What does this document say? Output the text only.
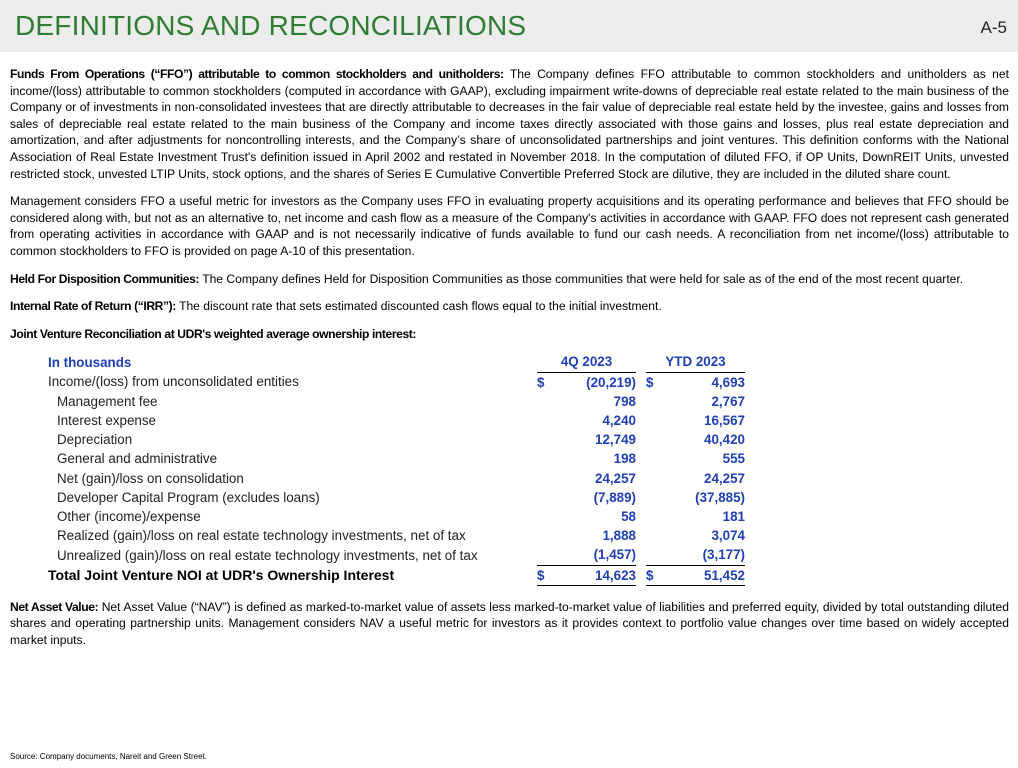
DEFINITIONS AND RECONCILIATIONS	A-5

Funds From Operations (“FFO”) attributable to common stockholders and unitholders: The Company defines FFO attributable to common stockholders and unitholders as net income/(loss) attributable to common stockholders (computed in accordance with GAAP), excluding impairment write-downs of depreciable real estate related to the main business of the Company or of investments in non-consolidated investees that are directly attributable to decreases in the fair value of depreciable real estate held by the investee, gains and losses from sales of depreciable real estate related to the main business of the Company and income taxes directly associated with those gains and losses, plus real estate depreciation and amortization, and after adjustments for noncontrolling interests, and the Company’s share of unconsolidated partnerships and joint ventures. This definition conforms with the National Association of Real Estate Investment Trust's definition issued in April 2002 and restated in November 2018. In the computation of diluted FFO, if OP Units, DownREIT Units, unvested restricted stock, unvested LTIP Units, stock options, and the shares of Series E Cumulative Convertible Preferred Stock are dilutive, they are included in the diluted share count.

Management considers FFO a useful metric for investors as the Company uses FFO in evaluating property acquisitions and its operating performance and believes that FFO should be considered along with, but not as an alternative to, net income and cash flow as a measure of the Company's activities in accordance with GAAP. FFO does not represent cash generated from operating activities in accordance with GAAP and is not necessarily indicative of funds available to fund our cash needs. A reconciliation from net income/(loss) attributable to common stockholders to FFO is provided on page A-10 of this presentation.

Held For Disposition Communities: The Company defines Held for Disposition Communities as those communities that were held for sale as of the end of the most recent quarter.

Internal Rate of Return (“IRR”): The discount rate that sets estimated discounted cash flows equal to the initial investment.

Joint Venture Reconciliation at UDR's weighted average ownership interest:
In thousands	4Q 2023			YTD 2023	
Income/(loss) from unconsolidated entities	$	(20,219)		$	4,693
Management fee		798			2,767
Interest expense		4,240			16,567
Depreciation		12,749			40,420
General and administrative		198			555
Net (gain)/loss on consolidation		24,257			24,257
Developer Capital Program (excludes loans)		(7,889)			(37,885)
Other (income)/expense		58			181
Realized (gain)/loss on real estate technology investments, net of tax		1,888			3,074
Unrealized (gain)/loss on real estate technology investments, net of tax		(1,457)			(3,177)
Total Joint Venture NOI at UDR's Ownership Interest	$	14,623		$	51,452

Net Asset Value: Net Asset Value (“NAV”) is defined as marked-to-market value of assets less marked-to-market value of liabilities and preferred equity, divided by total outstanding diluted shares and operating partnership units. Management considers NAV a useful metric for investors as it provides context to portfolio value changes over time based on widely accepted market inputs.

Source: Company documents, Nareit and Green Street.
